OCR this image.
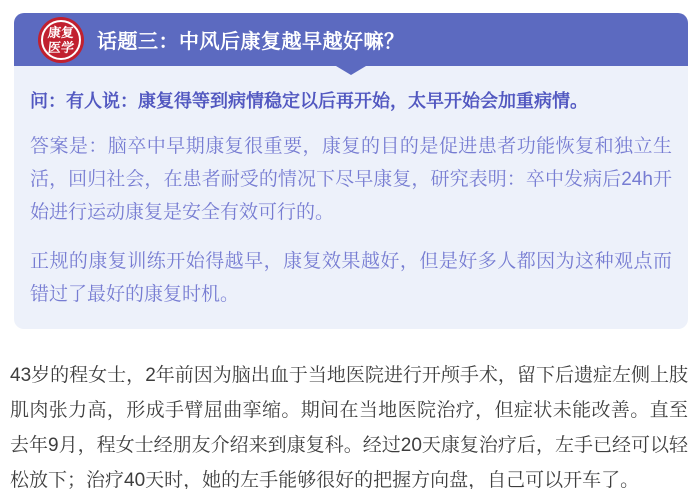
康复
医学 话题三：中风后康复越早越好嘛？

问：有人说：康复得等到病情稳定以后再开始，太早开始会加重病情。

答案是：脑卒中早期康复很重要，康复的目的是促进患者功能恢复和独立生活，回归社会，在患者耐受的情况下尽早康复，研究表明：卒中发病后24h开始进行运动康复是安全有效可行的。

正规的康复训练开始得越早，康复效果越好，但是好多人都因为这种观点而错过了最好的康复时机。

43岁的程女士，2年前因为脑出血于当地医院进行开颅手术，留下后遗症左侧上肢肌肉张力高，形成手臂屈曲挛缩。期间在当地医院治疗，但症状未能改善。直至去年9月，程女士经朋友介绍来到康复科。经过20天康复治疗后，左手已经可以轻松放下；治疗40天时，她的左手能够很好的把握方向盘，自己可以开车了。
